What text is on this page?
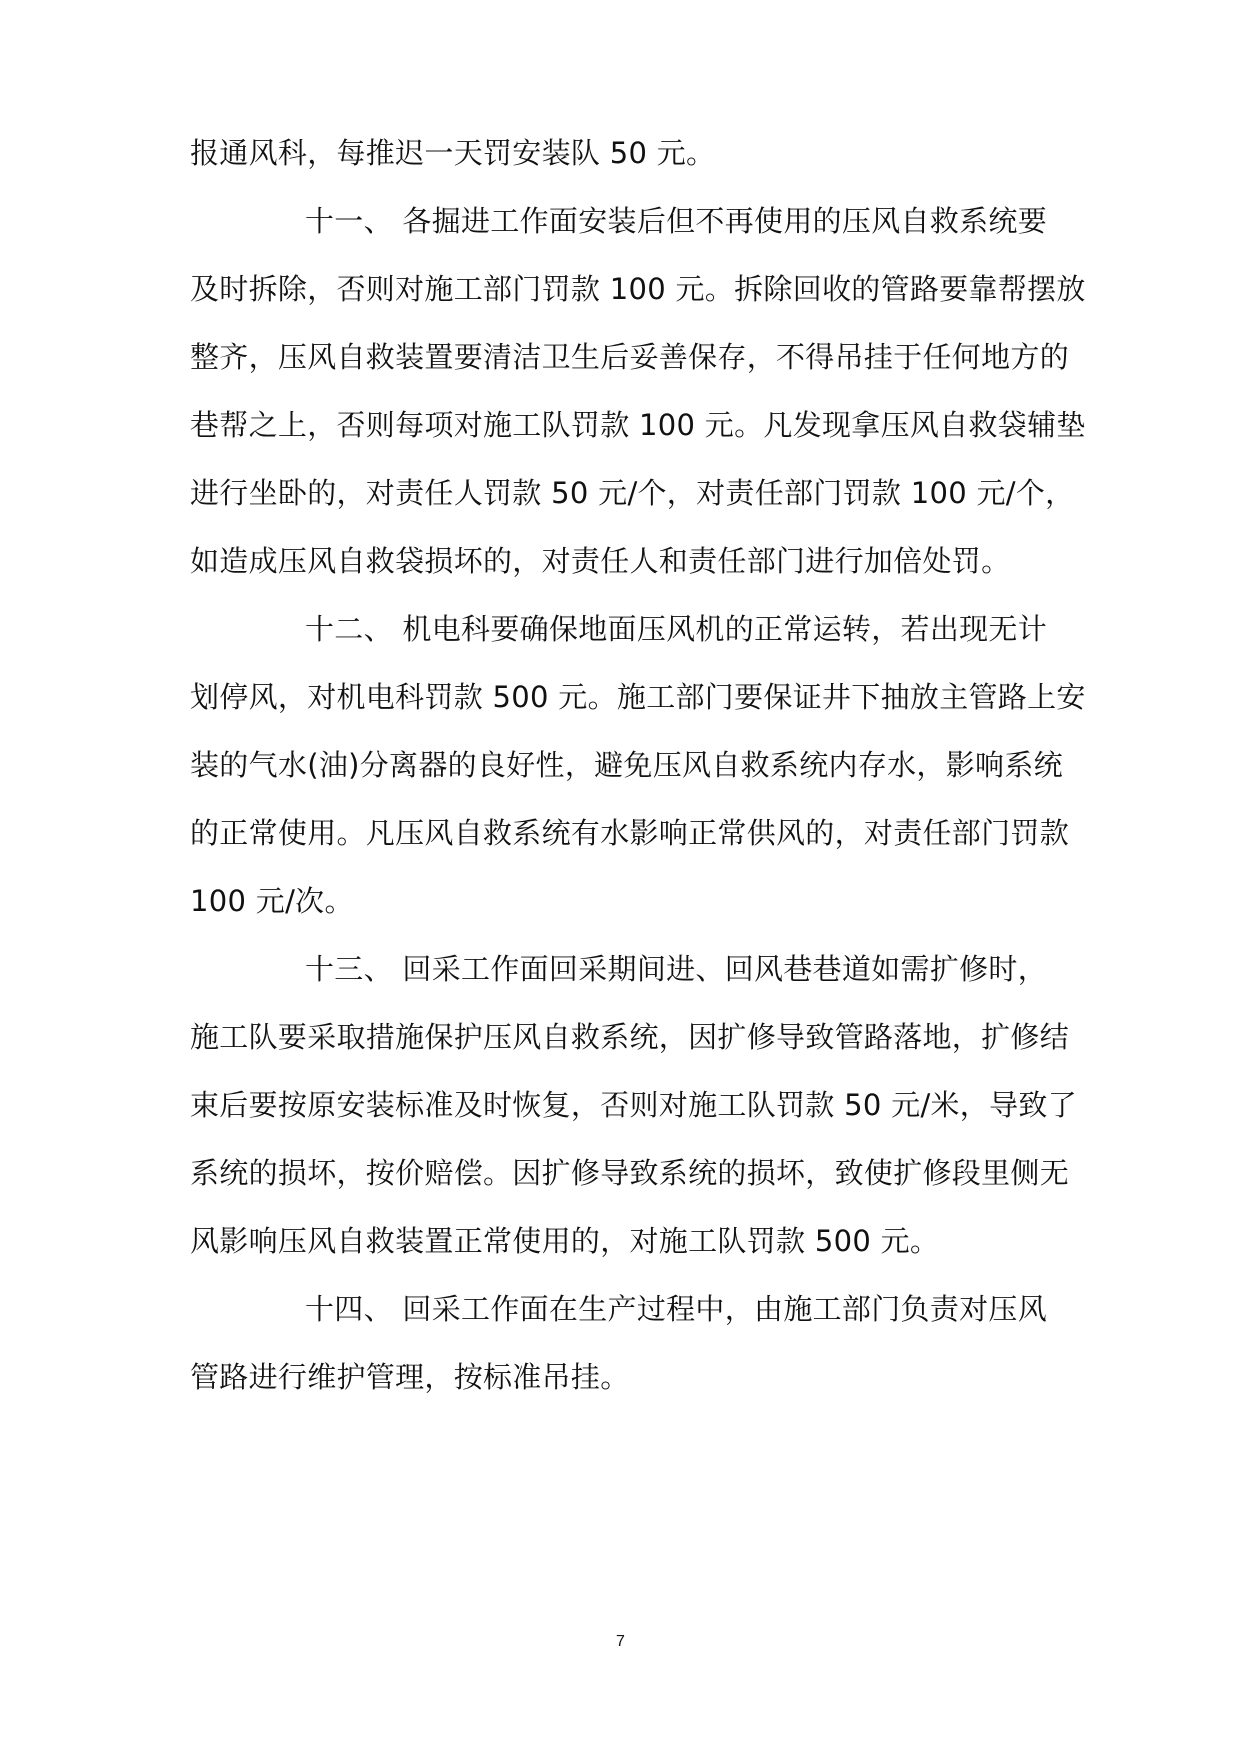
报通风科，每推迟一天罚安装队 50 元。
十一、 各掘进工作面安装后但不再使用的压风自救系统要
及时拆除，否则对施工部门罚款 100 元。拆除回收的管路要靠帮摆放
整齐，压风自救装置要清洁卫生后妥善保存，不得吊挂于任何地方的
巷帮之上，否则每项对施工队罚款 100 元。凡发现拿压风自救袋辅垫
进行坐卧的，对责任人罚款 50 元/个，对责任部门罚款 100 元/个，
如造成压风自救袋损坏的，对责任人和责任部门进行加倍处罚。
十二、 机电科要确保地面压风机的正常运转，若出现无计
划停风，对机电科罚款 500 元。施工部门要保证井下抽放主管路上安
装的气水(油)分离器的良好性，避免压风自救系统内存水，影响系统
的正常使用。凡压风自救系统有水影响正常供风的，对责任部门罚款
100 元/次。
十三、 回采工作面回采期间进、回风巷巷道如需扩修时，
施工队要采取措施保护压风自救系统，因扩修导致管路落地，扩修结
束后要按原安装标准及时恢复，否则对施工队罚款 50 元/米，导致了
系统的损坏，按价赔偿。因扩修导致系统的损坏，致使扩修段里侧无
风影响压风自救装置正常使用的，对施工队罚款 500 元。
十四、 回采工作面在生产过程中，由施工部门负责对压风
管路进行维护管理，按标准吊挂。
7
